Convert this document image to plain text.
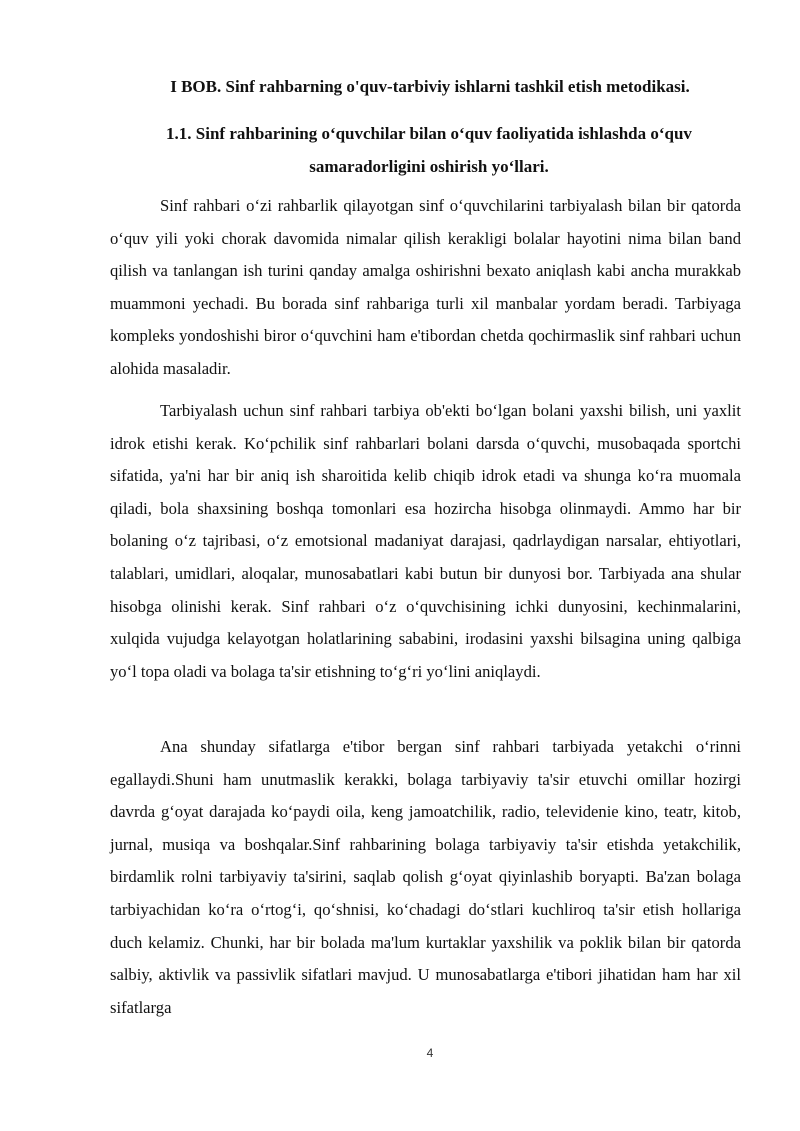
I BOB. Sinf rahbarning o'quv-tarbiviy ishlarni tashkil etish metodikasi.
1.1. Sinf rahbarining o‘quvchilar bilan o‘quv faoliyatida ishlashda o‘quv
samaradorligini oshirish yo‘llari.

Sinf rahbari o‘zi rahbarlik qilayotgan sinf o‘quvchilarini tarbiyalash bilan bir qatorda o‘quv yili yoki chorak davomida nimalar qilish kerakligi bolalar hayotini nima bilan band qilish va tanlangan ish turini qanday amalga oshirishni bexato aniqlash kabi ancha murakkab muammoni yechadi. Bu borada sinf rahbariga turli xil manbalar yordam beradi. Tarbiyaga kompleks yondoshishi biror o‘quvchini ham e'tibordan chetda qochirmaslik sinf rahbari uchun alohida masaladir.

Tarbiyalash uchun sinf rahbari tarbiya ob'ekti bo‘lgan bolani yaxshi bilish, uni yaxlit idrok etishi kerak. Ko‘pchilik sinf rahbarlari bolani darsda o‘quvchi, musobaqada sportchi sifatida, ya'ni har bir aniq ish sharoitida kelib chiqib idrok etadi va shunga ko‘ra muomala qiladi, bola shaxsining boshqa tomonlari esa hozircha hisobga olinmaydi. Ammo har bir bolaning o‘z tajribasi, o‘z emotsional madaniyat darajasi, qadrlaydigan narsalar, ehtiyotlari, talablari, umidlari, aloqalar, munosabatlari kabi butun bir dunyosi bor. Tarbiyada ana shular hisobga olinishi kerak. Sinf rahbari o‘z o‘quvchisining ichki dunyosini, kechinmalarini, xulqida vujudga kelayotgan holatlarining sababini, irodasini yaxshi bilsagina uning qalbiga yo‘l topa oladi va bolaga ta'sir etishning to‘g‘ri yo‘lini aniqlaydi.

Ana shunday sifatlarga e'tibor bergan sinf rahbari tarbiyada yetakchi o‘rinni egallaydi.Shuni ham unutmaslik kerakki, bolaga tarbiyaviy ta'sir etuvchi omillar hozirgi davrda g‘oyat darajada ko‘paydi oila, keng jamoatchilik, radio, televidenie kino, teatr, kitob, jurnal, musiqa va boshqalar.Sinf rahbarining bolaga tarbiyaviy ta'sir etishda yetakchilik, birdamlik rolni tarbiyaviy ta'sirini, saqlab qolish g‘oyat qiyinlashib boryapti. Ba'zan bolaga tarbiyachidan ko‘ra o‘rtog‘i, qo‘shnisi, ko‘chadagi do‘stlari kuchliroq ta'sir etish hollariga duch kelamiz. Chunki, har bir bolada ma'lum kurtaklar yaxshilik va poklik bilan bir qatorda salbiy, aktivlik va passivlik sifatlari mavjud. U munosabatlarga e'tibori jihatidan ham har xil sifatlarga

4
